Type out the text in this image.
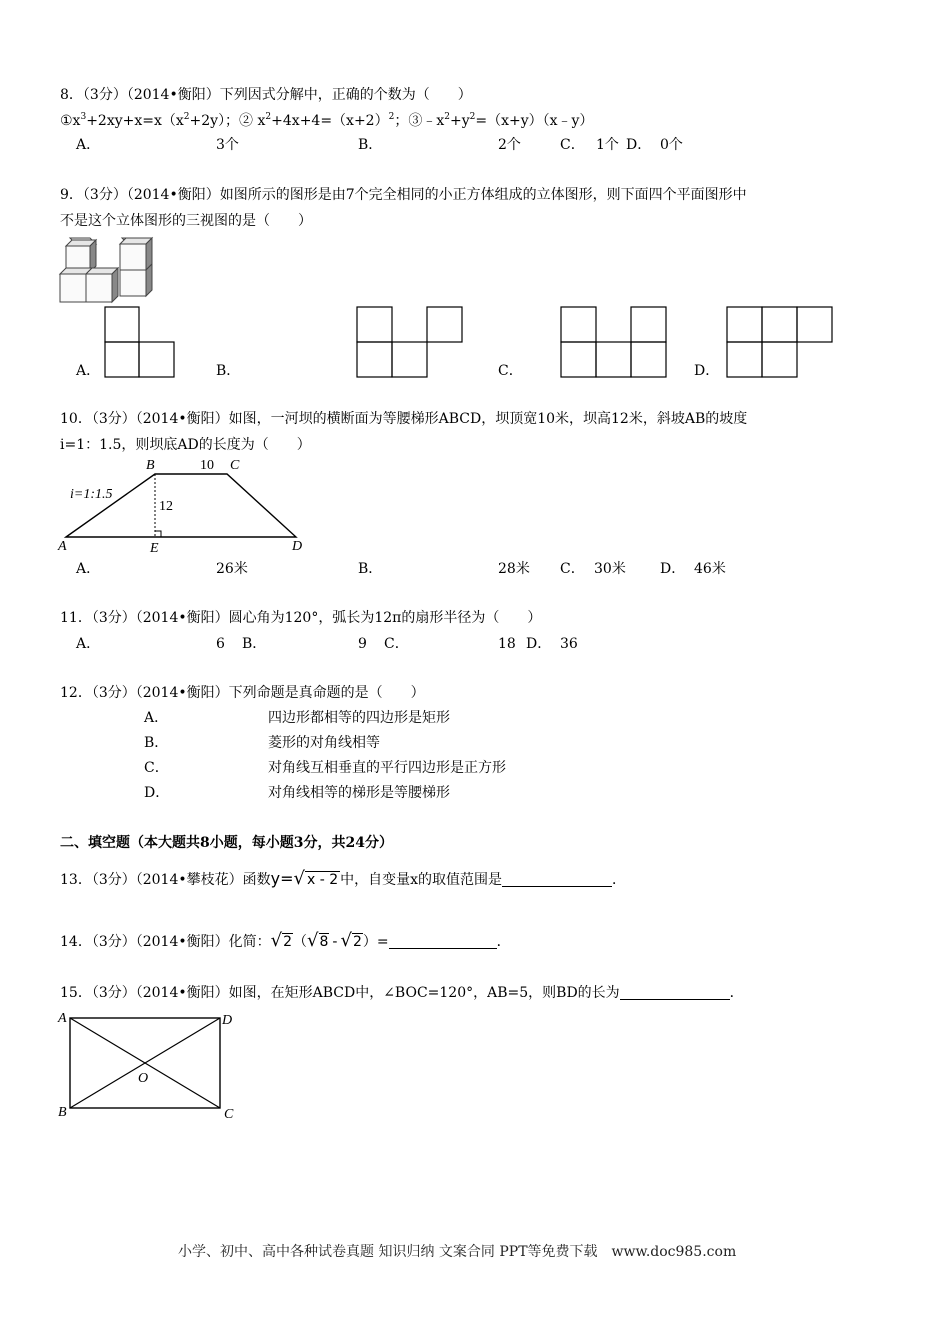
8．（3分）（2014•衡阳）下列因式分解中，正确的个数为（　　）
$①x^3+2xy+x=x(x^2+2y)$；② $x^2+4x+4=(x+2)^2$；$③﹣x^2+y^2=(x+y)(x﹣y)$
A．	3个	B．	2个	C． 1个 D． 0个
9．（3分）（2014•衡阳）如图所示的图形是由7个完全相同的小正方体组成的立体图形，则下面四个平面图形中
不是这个立体图形的三视图的是（　　）
A．	B．	C．	D．
10．（3分）（2014•衡阳）如图，一河坝的横断面为等腰梯形ABCD，坝顶宽10米，坝高12米，斜坡AB的坡度
i=1：1.5，则坝底AD的长度为（　　）
A
B	10 C
E	D
12
i=1:1.5
A．	26米	B．	28米 C． 30米 D． 46米
11．（3分）（2014•衡阳）圆心角为120°，弧长为12π的扇形半径为（　　）
A．	6 B．	9 C．	18 D． 36
12．（3分）（2014•衡阳）下列命题是真命题的是（　　）
A．	四边形都相等的四边形是矩形
B．	菱形的对角线相等
C．	对角线互相垂直的平行四边形是正方形
D．	对角线相等的梯形是等腰梯形
二、填空题（本大题共8小题，每小题3分，共24分）
13．（3分）（2014•攀枝花）函数y=√ x - 2 中，自变量x的取值范围是	．
14．（3分）（2014•衡阳）化简：√2（√8 - √2）=	．
15．（3分）（2014•衡阳）如图，在矩形ABCD中，∠BOC=120°，AB=5，则BD的长为	．
A	D
B	C
O
小学、初中、高中各种试卷真题 知识归纳 文案合同 PPT等免费下载　www.doc985.com
